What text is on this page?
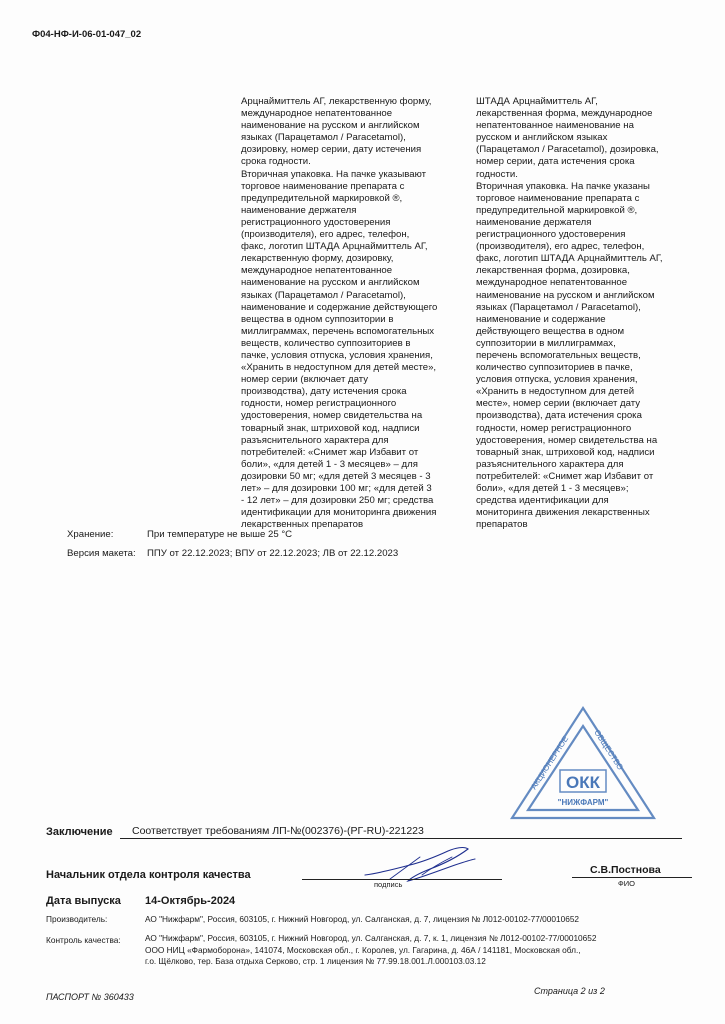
Ф04-НФ-И-06-01-047_02
Арцнаймиттель АГ, лекарственную форму,
международное непатентованное
наименование на русском и английском
языках (Парацетамол / Paracetamol),
дозировку, номер серии, дату истечения
срока годности.
Вторичная упаковка. На пачке указывают
торговое наименование препарата с
предупредительной маркировкой ®,
наименование держателя
регистрационного удостоверения
(производителя), его адрес, телефон,
факс, логотип ШТАДА Арцнаймиттель АГ,
лекарственную форму, дозировку,
международное непатентованное
наименование на русском и английском
языках (Парацетамол / Paracetamol),
наименование и содержание действующего
вещества в одном суппозитории в
миллиграммах, перечень вспомогательных
веществ, количество суппозиториев в
пачке, условия отпуска, условия хранения,
«Хранить в недоступном для детей месте»,
номер серии (включает дату
производства), дату истечения срока
годности, номер регистрационного
удостоверения, номер свидетельства на
товарный знак, штриховой код, надписи
разъяснительного характера для
потребителей: «Снимет жар Избавит от
боли», «для детей 1 - 3 месяцев» – для
дозировки 50 мг; «для детей 3 месяцев - 3
лет» – для дозировки 100 мг; «для детей 3
- 12 лет» – для дозировки 250 мг; средства
идентификации для мониторинга движения
лекарственных препаратов
ШТАДА Арцнаймиттель АГ,
лекарственная форма, международное
непатентованное наименование на
русском и английском языках
(Парацетамол / Paracetamol), дозировка,
номер серии, дата истечения срока
годности.
Вторичная упаковка. На пачке указаны
торговое наименование препарата с
предупредительной маркировкой ®,
наименование держателя
регистрационного удостоверения
(производителя), его адрес, телефон,
факс, логотип ШТАДА Арцнаймиттель АГ,
лекарственная форма, дозировка,
международное непатентованное
наименование на русском и английском
языках (Парацетамол / Paracetamol),
наименование и содержание
действующего вещества в одном
суппозитории в миллиграммах,
перечень вспомогательных веществ,
количество суппозиториев в пачке,
условия отпуска, условия хранения,
«Хранить в недоступном для детей
месте», номер серии (включает дату
производства), дата истечения срока
годности, номер регистрационного
удостоверения, номер свидетельства на
товарный знак, штриховой код, надписи
разъяснительного характера для
потребителей: «Снимет жар Избавит от
боли», «для детей 1 - 3 месяцев»;
средства идентификации для
мониторинга движения лекарственных
препаратов
Хранение:	При температуре не выше 25 °С
Версия макета: ППУ от 22.12.2023; ВПУ от 22.12.2023; ЛВ от 22.12.2023
АКЦИОНЕРНОЕ	ОБЩЕСТВО
ОКК
"НИЖФАРМ"
Заключение Соответствует требованиям ЛП-№(002376)-(РГ-RU)-221223
Начальник отдела контроля качества
подпись
С.В.Постнова
ФИО
Дата выпуска 14-Октябрь-2024
Производитель:	АО "Нижфарм", Россия, 603105, г. Нижний Новгород, ул. Салганская, д. 7, лицензия № Л012-00102-77/00010652
Контроль качества:	АО "Нижфарм", Россия, 603105, г. Нижний Новгород, ул. Салганская, д. 7, к. 1, лицензия № Л012-00102-77/00010652
ООО НИЦ «Фармоборона», 141074, Московская обл., г. Королев, ул. Гагарина, д. 46А / 141181, Московская обл.,
г.о. Щёлково, тер. База отдыха Серково, стр. 1 лицензия № 77.99.18.001.Л.000103.03.12
ПАСПОРТ № 360433
Страница 2 из 2
